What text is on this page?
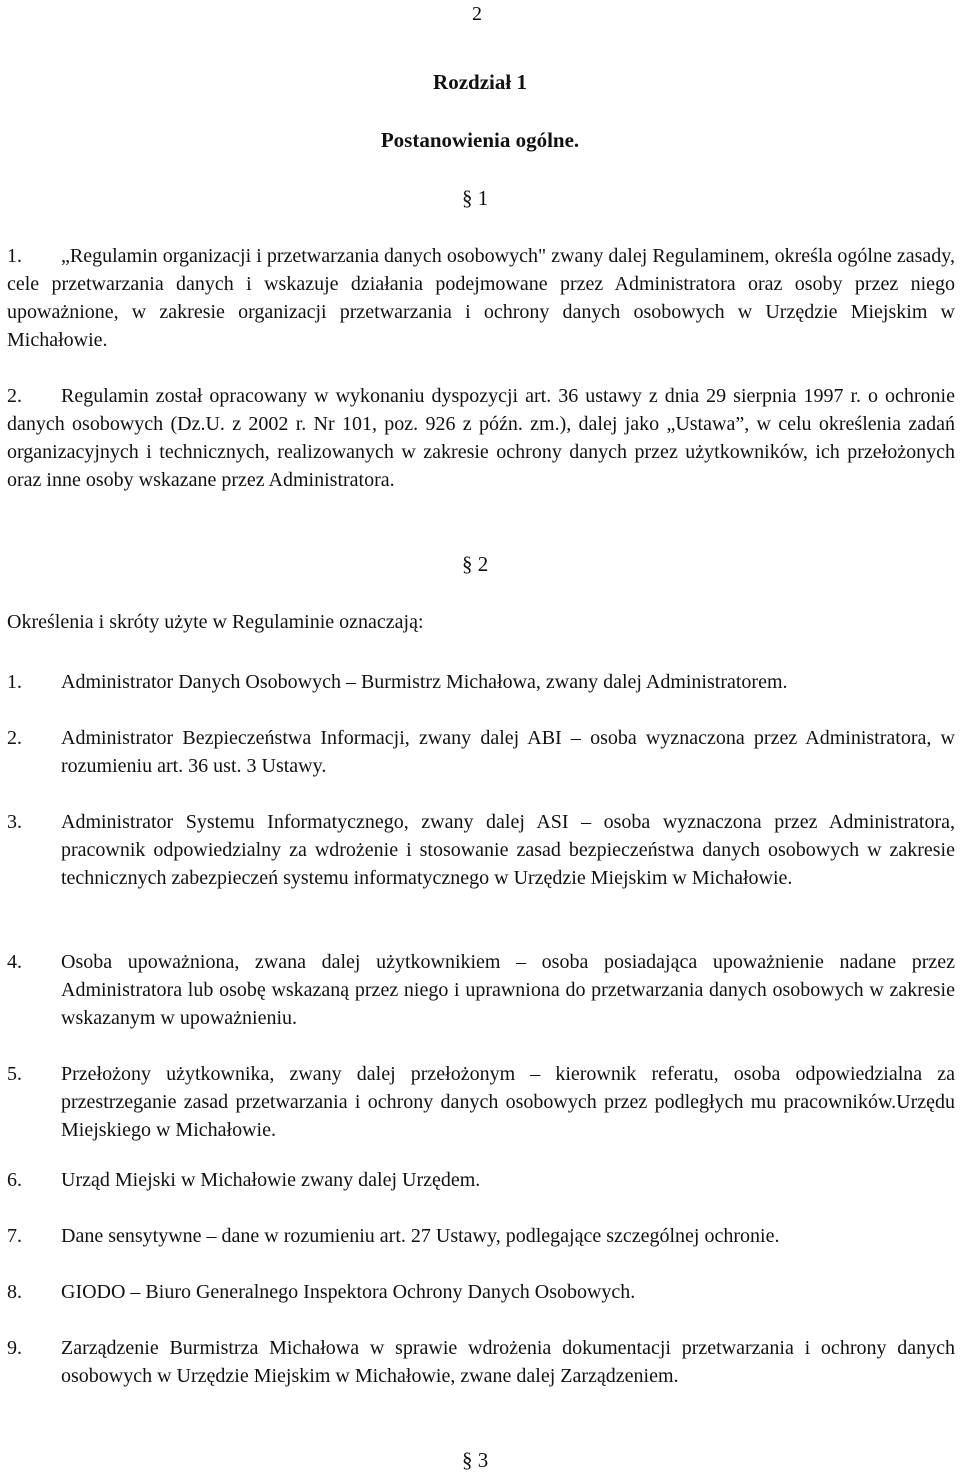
2
Rozdział 1
Postanowienia ogólne.
§ 1
1.	„Regulamin organizacji i przetwarzania danych osobowych" zwany dalej Regulaminem, określa ogólne zasady, cele przetwarzania danych i wskazuje działania podejmowane przez Administratora oraz osoby przez niego upoważnione, w zakresie organizacji przetwarzania i ochrony danych osobowych w Urzędzie Miejskim w Michałowie.
2.	Regulamin został opracowany w wykonaniu dyspozycji art. 36 ustawy z dnia 29 sierpnia 1997 r. o ochronie danych osobowych (Dz.U. z 2002 r. Nr 101, poz. 926 z późn. zm.), dalej jako „Ustawa”, w celu określenia zadań organizacyjnych i technicznych, realizowanych w zakresie ochrony danych przez użytkowników, ich przełożonych oraz inne osoby wskazane przez Administratora.
§ 2
Określenia i skróty użyte w Regulaminie oznaczają:
1. Administrator Danych Osobowych – Burmistrz Michałowa, zwany dalej Administratorem.
2. Administrator Bezpieczeństwa Informacji, zwany dalej ABI – osoba wyznaczona przez Administratora, w rozumieniu art. 36 ust. 3 Ustawy.
3. Administrator Systemu Informatycznego, zwany dalej ASI – osoba wyznaczona przez Administratora, pracownik odpowiedzialny za wdrożenie i stosowanie zasad bezpieczeństwa danych osobowych w zakresie technicznych zabezpieczeń systemu informatycznego w Urzędzie Miejskim w Michałowie.
4. Osoba upoważniona, zwana dalej użytkownikiem – osoba posiadająca upoważnienie nadane przez Administratora lub osobę wskazaną przez niego i uprawniona do przetwarzania danych osobowych w zakresie wskazanym w upoważnieniu.
5. Przełożony użytkownika, zwany dalej przełożonym – kierownik referatu, osoba odpowiedzialna za przestrzeganie zasad przetwarzania i ochrony danych osobowych przez podległych mu pracowników.Urzędu Miejskiego w Michałowie.
6. Urząd Miejski w Michałowie zwany dalej Urzędem.
7. Dane sensytywne – dane w rozumieniu art. 27 Ustawy, podlegające szczególnej ochronie.
8. GIODO – Biuro Generalnego Inspektora Ochrony Danych Osobowych.
9. Zarządzenie Burmistrza Michałowa w sprawie wdrożenia dokumentacji przetwarzania i ochrony danych osobowych w Urzędzie Miejskim w Michałowie, zwane dalej Zarządzeniem.
§ 3
